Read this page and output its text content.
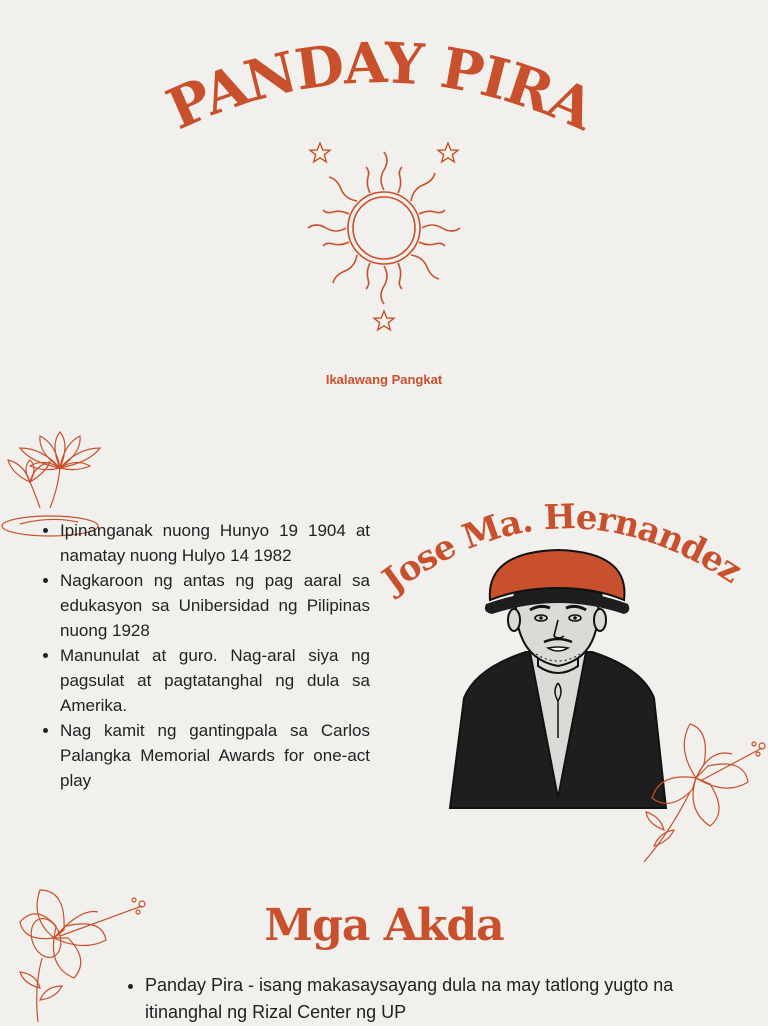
PANDAY PIRA
Ikalawang Pangkat
Jose Ma. Hernandez
• Ipinanganak nuong Hunyo 19 1904 at namatay nuong Hulyo 14 1982
• Nagkaroon ng antas ng pag aaral sa edukasyon sa Unibersidad ng Pilipinas nuong 1928
• Manunulat at guro. Nag-aral siya ng pagsulat at pagtatanghal ng dula sa Amerika.
• Nag kamit ng gantingpala sa Carlos Palangka Memorial Awards for one-act play
Mga Akda
• Panday Pira - isang makasaysayang dula na may tatlong yugto na itinanghal ng Rizal Center ng UP
